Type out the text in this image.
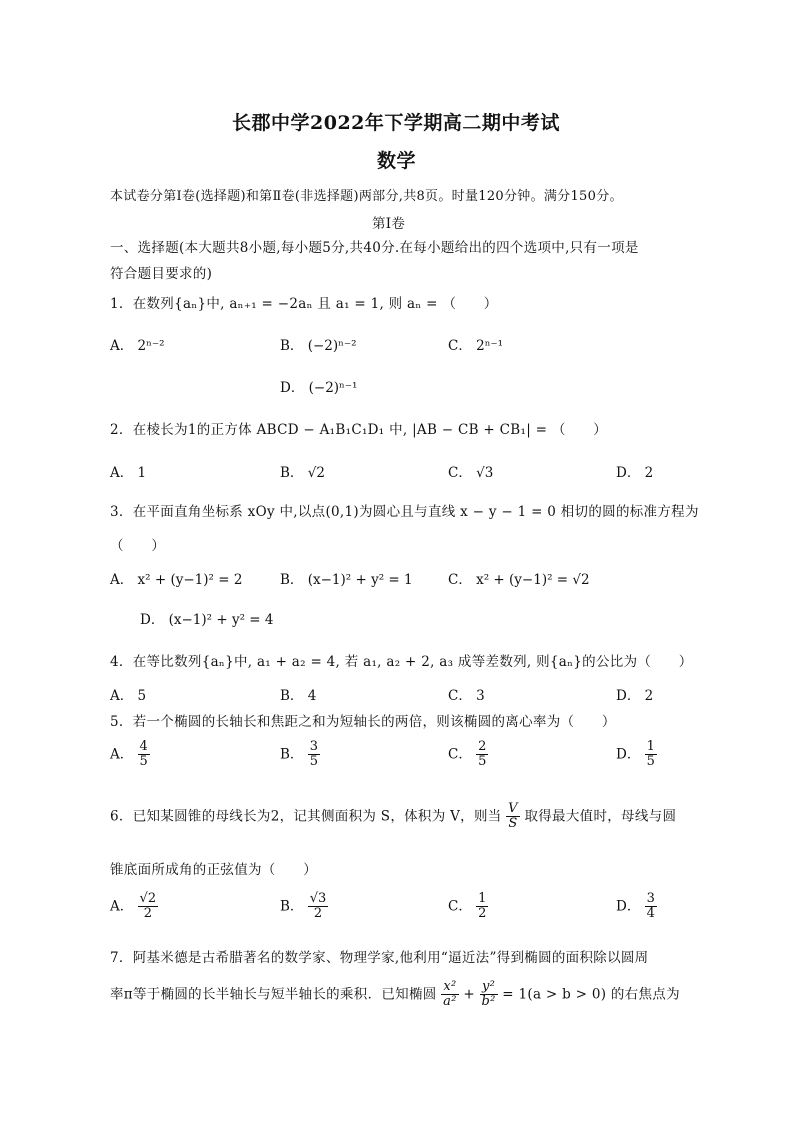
长郡中学2022年下学期高二期中考试
数学
本试卷分第Ⅰ卷(选择题)和第Ⅱ卷(非选择题)两部分,共8页。时量120分钟。满分150分。
第Ⅰ卷
一、选择题(本大题共8小题,每小题5分,共40分.在每小题给出的四个选项中,只有一项是
符合题目要求的)
1．在数列{aₙ}中, aₙ₊₁ = −2aₙ 且 a₁ = 1, 则 aₙ = （　　）
A． 2ⁿ⁻²	B． (−2)ⁿ⁻²	C． 2ⁿ⁻¹
D． (−2)ⁿ⁻¹
2．在棱长为1的正方体 ABCD − A₁B₁C₁D₁ 中, |AB − CB + CB₁| = （　　）
A． 1	B． √2	C． √3	D． 2
3．在平面直角坐标系 xOy 中,以点(0,1)为圆心且与直线 x − y − 1 = 0 相切的圆的标准方程为
（　　）
A． x² + (y−1)² = 2	B． (x−1)² + y² = 1	C． x² + (y−1)² = √2
D． (x−1)² + y² = 4
4．在等比数列{aₙ}中, a₁ + a₂ = 4, 若 a₁, a₂ + 2, a₃ 成等差数列, 则{aₙ}的公比为（　　）
A． 5	B． 4	C． 3	D． 2
5．若一个椭圆的长轴长和焦距之和为短轴长的两倍，则该椭圆的离心率为（　　）
A． $\frac{4}{5}$	B． $\frac{3}{5}$	C． $\frac{2}{5}$	D． $\frac{1}{5}$
6．已知某圆锥的母线长为2，记其侧面积为 S，体积为 V，则当 $\frac{V}{S}$ 取得最大值时，母线与圆
锥底面所成角的正弦值为（　　）
A． $\frac{√2}{2}$	B． $\frac{√3}{2}$	C． $\frac{1}{2}$	D． $\frac{3}{4}$
7．阿基米德是古希腊著名的数学家、物理学家,他利用“逼近法”得到椭圆的面积除以圆周
率π等于椭圆的长半轴长与短半轴长的乘积．已知椭圆 $\frac{\text{x²}}{\text{a²}} + \frac{\text{y²}}{\text{b²}} = 1(a > b > 0)$ 的右焦点为
